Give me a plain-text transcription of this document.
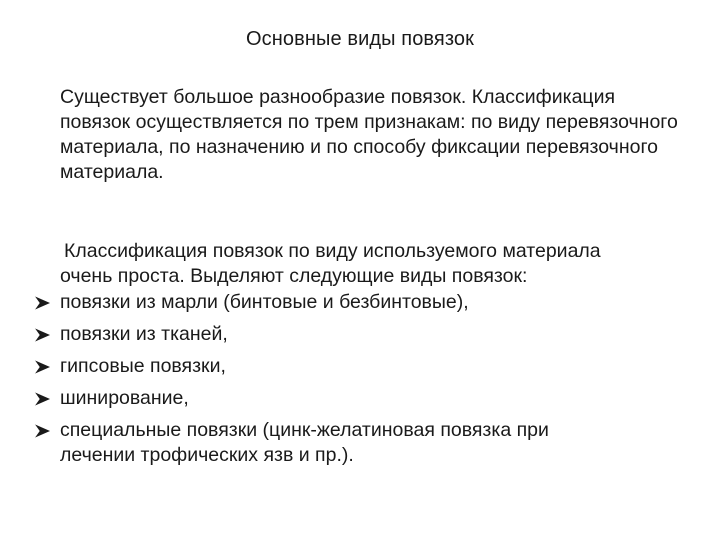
Основные виды повязок

Существует большое разнообразие повязок. Классификация повязок осуществляется по трем признакам: по виду перевязочного материала, по назначению и по способу фиксации перевязочного материала.

Классификация повязок по виду используемого материала
очень проста. Выделяют следующие виды повязок:
повязки из марли (бинтовые и безбинтовые),
повязки из тканей,
гипсовые повязки,
шинирование,
специальные повязки (цинк-желатиновая повязка при
лечении трофических язв и пр.).
